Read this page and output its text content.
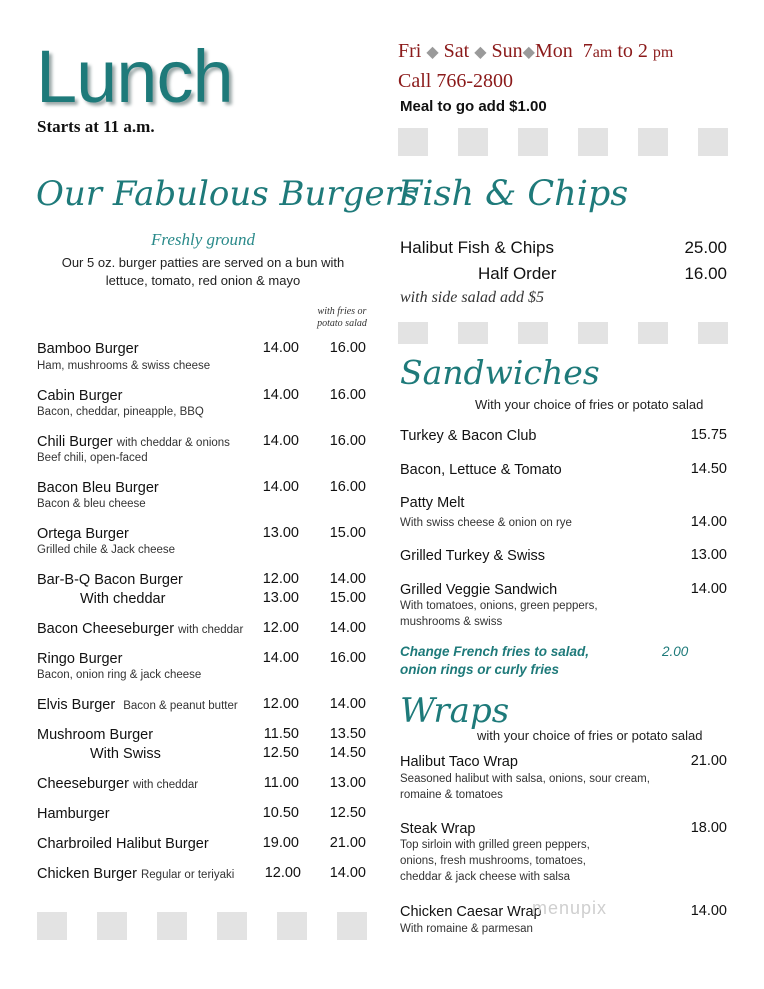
Lunch
Starts at 11 a.m.
Fri ◆ Sat ◆ Sun◆Mon 7am to 2 pm
Call 766-2800
Meal to go add $1.00
Our Fabulous Burgers
Freshly ground
Our 5 oz. burger patties are served on a bun with
lettuce, tomato, red onion & mayo
with fries or
potato salad
Bamboo Burger
Ham, mushrooms & swiss cheese
14.00	16.00
Cabin Burger
Bacon, cheddar, pineapple, BBQ
14.00	16.00
Chili Burger with cheddar & onions
Beef chili, open-faced
14.00	16.00
Bacon Bleu Burger
Bacon & bleu cheese
14.00	16.00
Ortega Burger
Grilled chile & Jack cheese
13.00	15.00
Bar-B-Q Bacon Burger	12.00	14.00
With cheddar	13.00	15.00
Bacon Cheeseburger with cheddar	12.00	14.00
Ringo Burger
Bacon, onion ring & jack cheese
14.00	16.00
Elvis Burger Bacon & peanut butter	12.00	14.00
Mushroom Burger	11.50	13.50
With Swiss	12.50	14.50
Cheeseburger with cheddar	11.00	13.00
Hamburger	10.50	12.50
Charbroiled Halibut Burger	19.00	21.00
Chicken Burger Regular or teriyaki	12.00	14.00
Fish & Chips
Halibut Fish & Chips	25.00
Half Order	16.00
with side salad add $5
Sandwiches
With your choice of fries or potato salad
Turkey & Bacon Club	15.75
Bacon, Lettuce & Tomato	14.50
Patty Melt
With swiss cheese & onion on rye	14.00
Grilled Turkey & Swiss	13.00
Grilled Veggie Sandwich
With tomatoes, onions, green peppers,
mushrooms & swiss
14.00
Change French fries to salad,
onion rings or curly fries
2.00
Wraps
with your choice of fries or potato salad
Halibut Taco Wrap
Seasoned halibut with salsa, onions, sour cream,
romaine & tomatoes
21.00
Steak Wrap
Top sirloin with grilled green peppers,
onions, fresh mushrooms, tomatoes,
cheddar & jack cheese with salsa
18.00
Chicken Caesar Wrap
With romaine & parmesan
14.00
menupix
